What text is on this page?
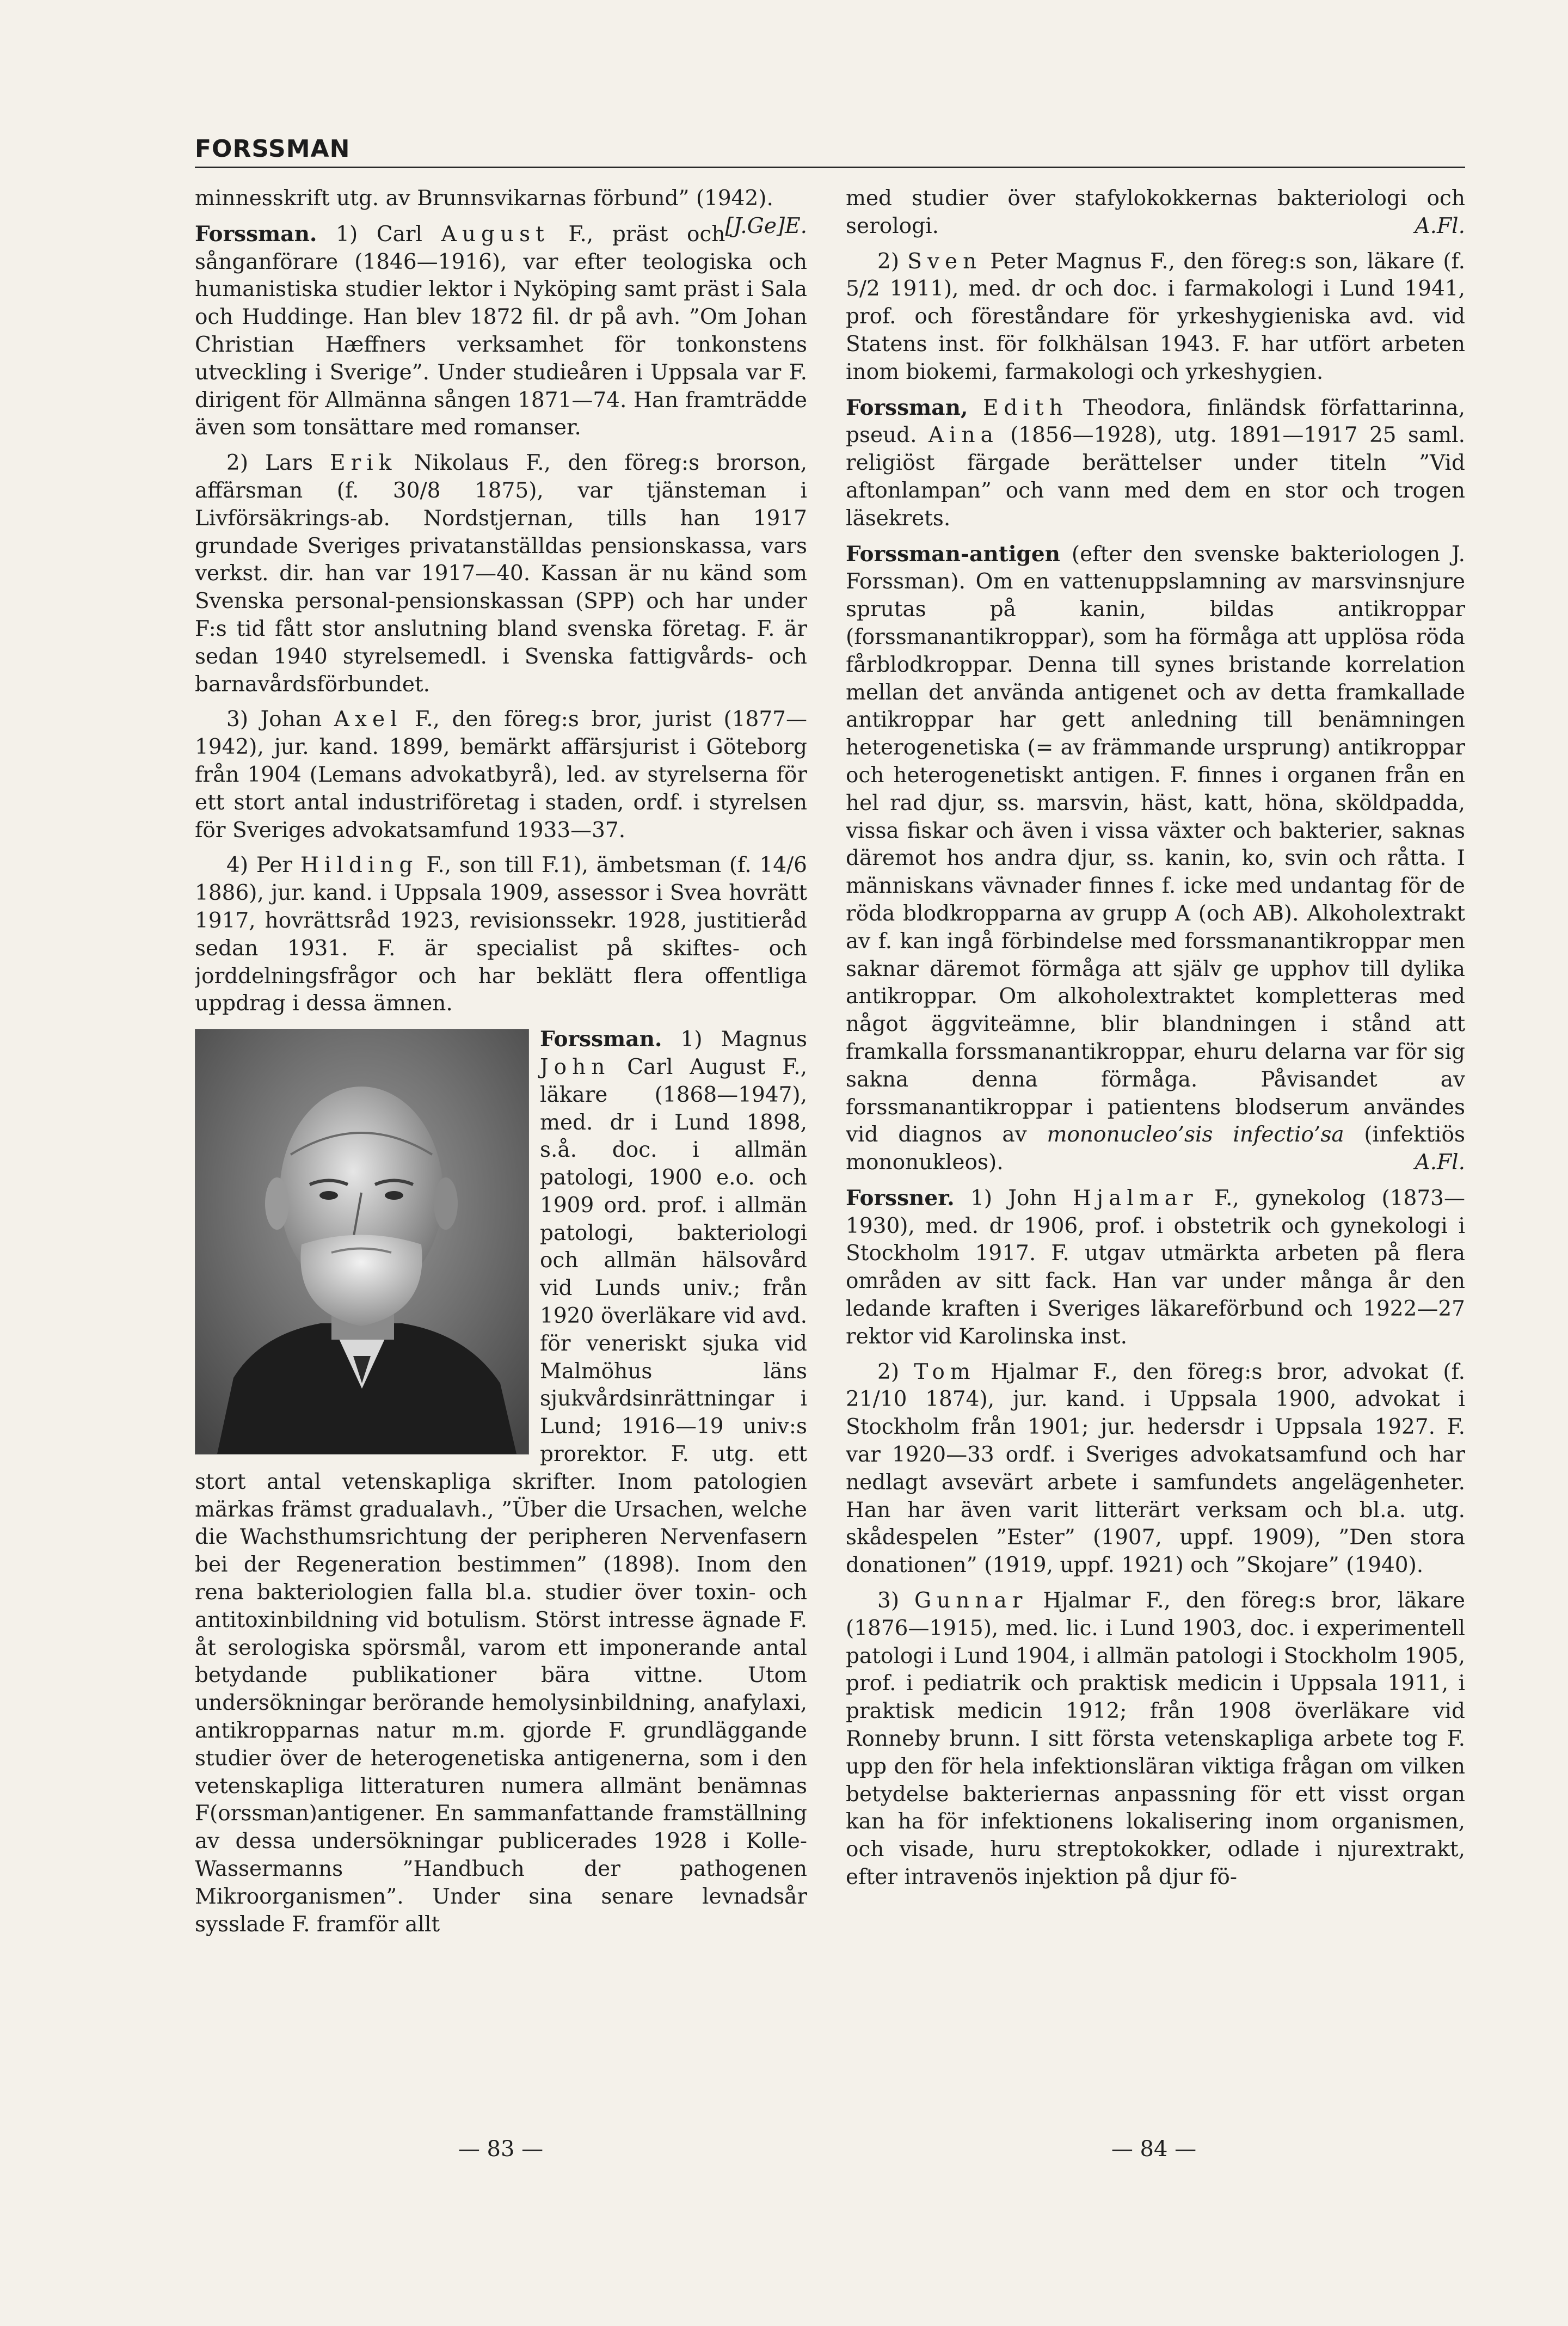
FORSSMAN

minnesskrift utg. av Brunnsvikarnas förbund” (1942).
[J.Ge]E.

Forssman. 1) Carl August F., präst och sånganförare (1846—1916), var efter teologiska och humanistiska studier lektor i Nyköping samt präst i Sala och Huddinge. Han blev 1872 fil. dr på avh. ”Om Johan Christian Hæffners verksamhet för tonkonstens utveckling i Sverige”. Under studieåren i Uppsala var F. dirigent för Allmänna sången 1871—74. Han framträdde även som tonsättare med romanser.

2) Lars Erik Nikolaus F., den föreg:s brorson, affärsman (f. 30/8 1875), var tjänsteman i Livförsäkrings-ab. Nordstjernan, tills han 1917 grundade Sveriges privatanställdas pensionskassa, vars verkst. dir. han var 1917—40. Kassan är nu känd som Svenska personal-pensionskassan (SPP) och har under F:s tid fått stor anslutning bland svenska företag. F. är sedan 1940 styrelsemedl. i Svenska fattigvårds- och barnavårdsförbundet.

3) Johan Axel F., den föreg:s bror, jurist (1877—1942), jur. kand. 1899, bemärkt affärsjurist i Göteborg från 1904 (Lemans advokatbyrå), led. av styrelserna för ett stort antal industriföretag i staden, ordf. i styrelsen för Sveriges advokatsamfund 1933—37.

4) Per Hilding F., son till F.1), ämbetsman (f. 14/6 1886), jur. kand. i Uppsala 1909, assessor i Svea hovrätt 1917, hovrättsråd 1923, revisionssekr. 1928, justitieråd sedan 1931. F. är specialist på skiftes- och jorddelningsfrågor och har beklätt flera offentliga uppdrag i dessa ämnen.

Forssman. 1) Magnus John Carl August F., läkare (1868—1947), med. dr i Lund 1898, s.å. doc. i allmän patologi, 1900 e.o. och 1909 ord. prof. i allmän patologi, bakteriologi och allmän hälsovård vid Lunds univ.; från 1920 överläkare vid avd. för veneriskt sjuka vid Malmöhus läns sjukvårdsinrättningar i Lund; 1916—19 univ:s prorektor. F. utg. ett stort antal vetenskapliga skrifter. Inom patologien märkas främst gradualavh., ”Über die Ursachen, welche die Wachsthumsrichtung der peripheren Nervenfasern bei der Regeneration bestimmen” (1898). Inom den rena bakteriologien falla bl.a. studier över toxin- och antitoxinbildning vid botulism. Störst intresse ägnade F. åt serologiska spörsmål, varom ett imponerande antal betydande publikationer bära vittne. Utom undersökningar berörande hemolysinbildning, anafylaxi, antikropparnas natur m.m. gjorde F. grundläggande studier över de heterogenetiska antigenerna, som i den vetenskapliga litteraturen numera allmänt benämnas F(orssman)antigener. En sammanfattande framställning av dessa undersökningar publicerades 1928 i Kolle-Wassermanns ”Handbuch der pathogenen Mikroorganismen”. Under sina senare levnadsår sysslade F. framför allt

med studier över stafylokokkernas bakteriologi och serologi.	A.Fl.

2) Sven Peter Magnus F., den föreg:s son, läkare (f. 5/2 1911), med. dr och doc. i farmakologi i Lund 1941, prof. och föreståndare för yrkeshygieniska avd. vid Statens inst. för folkhälsan 1943. F. har utfört arbeten inom biokemi, farmakologi och yrkeshygien.

Forssman, Edith Theodora, finländsk författarinna, pseud. Aina (1856—1928), utg. 1891—1917 25 saml. religiöst färgade berättelser under titeln ”Vid aftonlampan” och vann med dem en stor och trogen läsekrets.

Forssman-antigen (efter den svenske bakteriologen J. Forssman). Om en vattenuppslamning av marsvinsnjure sprutas på kanin, bildas antikroppar (forssmanantikroppar), som ha förmåga att upplösa röda fårblodkroppar. Denna till synes bristande korrelation mellan det använda antigenet och av detta framkallade antikroppar har gett anledning till benämningen heterogenetiska (= av främmande ursprung) antikroppar och heterogenetiskt antigen. F. finnes i organen från en hel rad djur, ss. marsvin, häst, katt, höna, sköldpadda, vissa fiskar och även i vissa växter och bakterier, saknas däremot hos andra djur, ss. kanin, ko, svin och råtta. I människans vävnader finnes f. icke med undantag för de röda blodkropparna av grupp A (och AB). Alkoholextrakt av f. kan ingå förbindelse med forssmanantikroppar men saknar däremot förmåga att själv ge upphov till dylika antikroppar. Om alkoholextraktet kompletteras med något äggviteämne, blir blandningen i stånd att framkalla forssmanantikroppar, ehuru delarna var för sig sakna denna förmåga. Påvisandet av forssmanantikroppar i patientens blodserum användes vid diagnos av mononucleo’sis infectio’sa (infektiös mononukleos).	A.Fl.

Forssner. 1) John Hjalmar F., gynekolog (1873—1930), med. dr 1906, prof. i obstetrik och gynekologi i Stockholm 1917. F. utgav utmärkta arbeten på flera områden av sitt fack. Han var under många år den ledande kraften i Sveriges läkareförbund och 1922—27 rektor vid Karolinska inst.

2) Tom Hjalmar F., den föreg:s bror, advokat (f. 21/10 1874), jur. kand. i Uppsala 1900, advokat i Stockholm från 1901; jur. hedersdr i Uppsala 1927. F. var 1920—33 ordf. i Sveriges advokatsamfund och har nedlagt avsevärt arbete i samfundets angelägenheter. Han har även varit litterärt verksam och bl.a. utg. skådespelen ”Ester” (1907, uppf. 1909), ”Den stora donationen” (1919, uppf. 1921) och ”Skojare” (1940).

3) Gunnar Hjalmar F., den föreg:s bror, läkare (1876—1915), med. lic. i Lund 1903, doc. i experimentell patologi i Lund 1904, i allmän patologi i Stockholm 1905, prof. i pediatrik och praktisk medicin i Uppsala 1911, i praktisk medicin 1912; från 1908 överläkare vid Ronneby brunn. I sitt första vetenskapliga arbete tog F. upp den för hela infektionsläran viktiga frågan om vilken betydelse bakteriernas anpassning för ett visst organ kan ha för infektionens lokalisering inom organismen, och visade, huru streptokokker, odlade i njurextrakt, efter intravenös injektion på djur fö-

— 83 —	— 84 —
